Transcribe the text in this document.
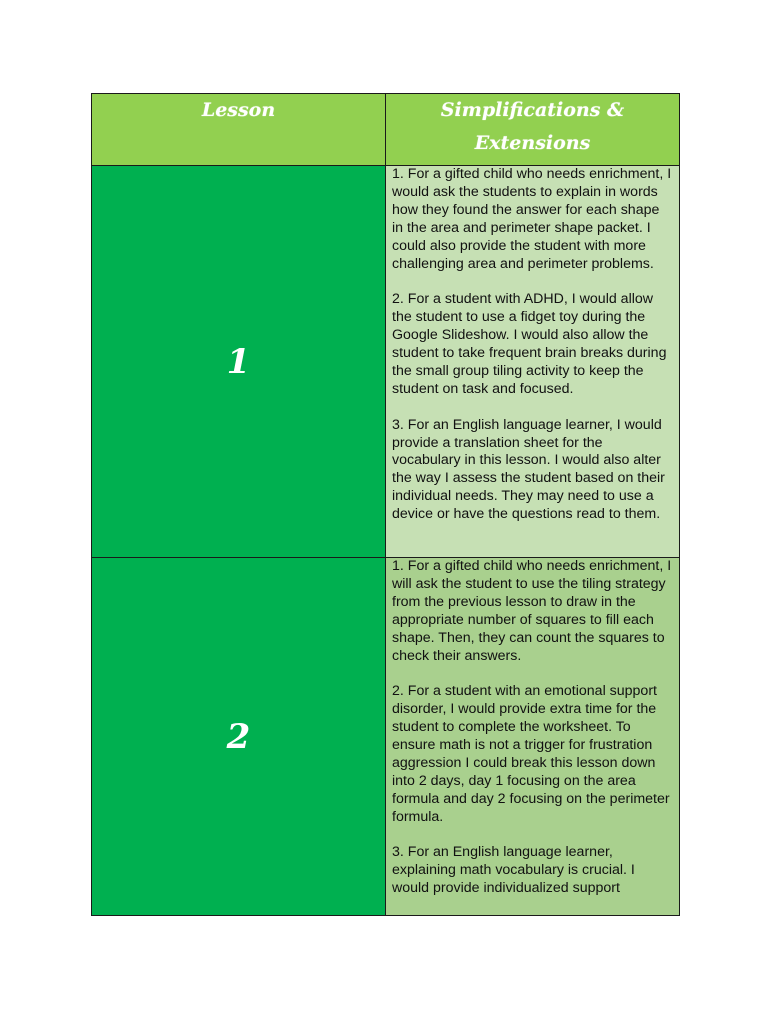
Lesson	Simplifications & Extensions

1	1. For a gifted child who needs enrichment, I would ask the students to explain in words how they found the answer for each shape in the area and perimeter shape packet. I could also provide the student with more challenging area and perimeter problems.

2. For a student with ADHD, I would allow the student to use a fidget toy during the Google Slideshow. I would also allow the student to take frequent brain breaks during the small group tiling activity to keep the student on task and focused.

3. For an English language learner, I would provide a translation sheet for the vocabulary in this lesson. I would also alter the way I assess the student based on their individual needs. They may need to use a device or have the questions read to them.

2	1. For a gifted child who needs enrichment, I will ask the student to use the tiling strategy from the previous lesson to draw in the appropriate number of squares to fill each shape. Then, they can count the squares to check their answers.

2. For a student with an emotional support disorder, I would provide extra time for the student to complete the worksheet. To ensure math is not a trigger for frustration aggression I could break this lesson down into 2 days, day 1 focusing on the area formula and day 2 focusing on the perimeter formula.

3. For an English language learner, explaining math vocabulary is crucial. I would provide individualized support
